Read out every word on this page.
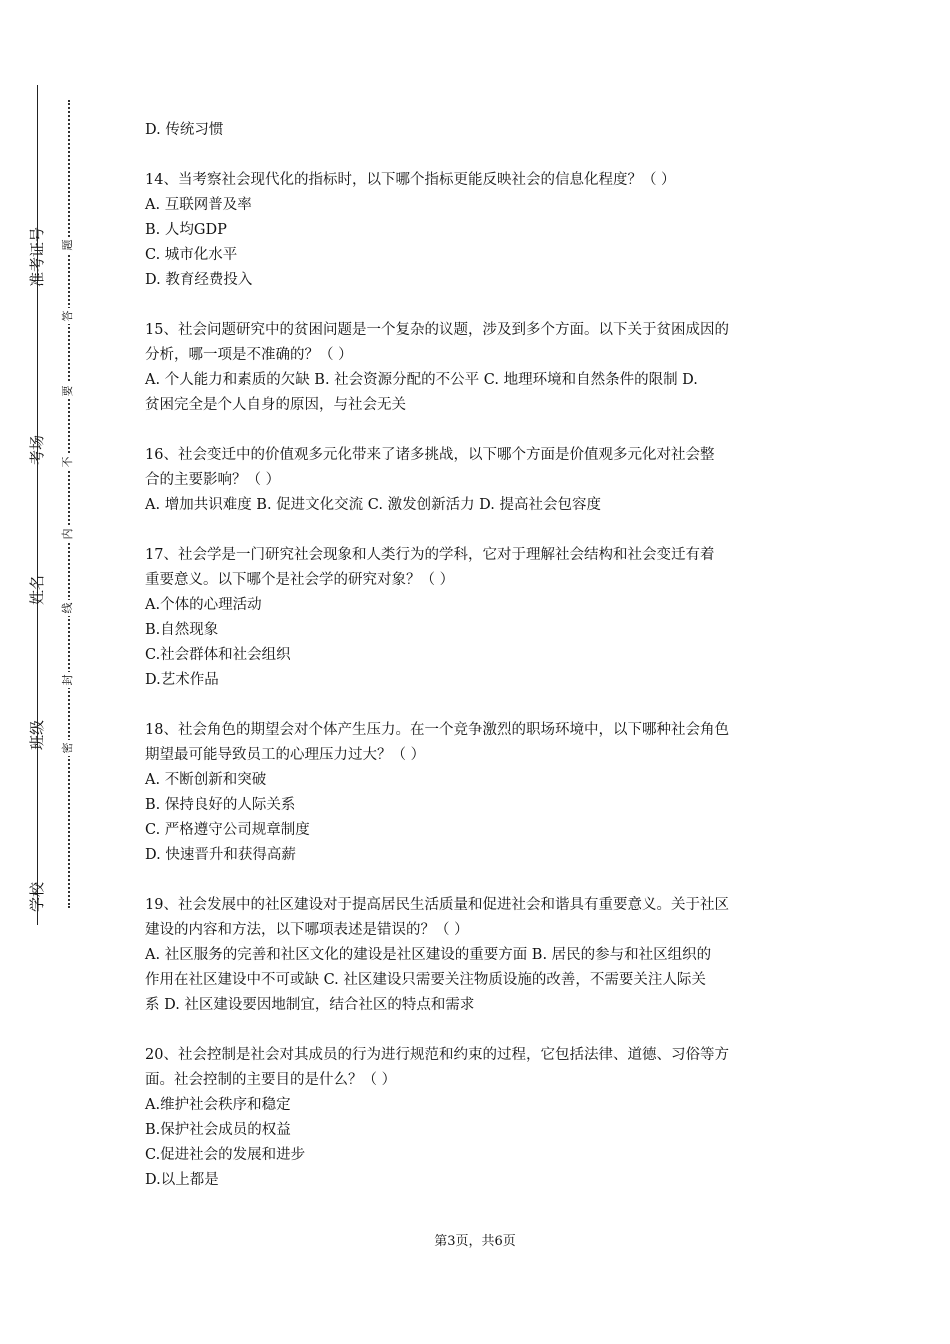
准考证号
考场
姓名
班级
学校
题
答
要
不
内
线
封
密

D. 传统习惯

14、当考察社会现代化的指标时，以下哪个指标更能反映社会的信息化程度？（ ）

A. 互联网普及率

B. 人均GDP

C. 城市化水平

D. 教育经费投入

15、社会问题研究中的贫困问题是一个复杂的议题，涉及到多个方面。以下关于贫困成因的

分析，哪一项是不准确的？（ ）

A. 个人能力和素质的欠缺 B. 社会资源分配的不公平 C. 地理环境和自然条件的限制 D.

贫困完全是个人自身的原因，与社会无关

16、社会变迁中的价值观多元化带来了诸多挑战，以下哪个方面是价值观多元化对社会整

合的主要影响？（ ）

A. 增加共识难度 B. 促进文化交流 C. 激发创新活力 D. 提高社会包容度

17、社会学是一门研究社会现象和人类行为的学科，它对于理解社会结构和社会变迁有着

重要意义。以下哪个是社会学的研究对象？（ ）

A.个体的心理活动

B.自然现象

C.社会群体和社会组织

D.艺术作品

18、社会角色的期望会对个体产生压力。在一个竞争激烈的职场环境中，以下哪种社会角色

期望最可能导致员工的心理压力过大？（ ）

A. 不断创新和突破

B. 保持良好的人际关系

C. 严格遵守公司规章制度

D. 快速晋升和获得高薪

19、社会发展中的社区建设对于提高居民生活质量和促进社会和谐具有重要意义。关于社区

建设的内容和方法，以下哪项表述是错误的？（ ）

A. 社区服务的完善和社区文化的建设是社区建设的重要方面 B. 居民的参与和社区组织的

作用在社区建设中不可或缺 C. 社区建设只需要关注物质设施的改善，不需要关注人际关

系 D. 社区建设要因地制宜，结合社区的特点和需求

20、社会控制是社会对其成员的行为进行规范和约束的过程，它包括法律、道德、习俗等方

面。社会控制的主要目的是什么？（ ）

A.维护社会秩序和稳定

B.保护社会成员的权益

C.促进社会的发展和进步

D.以上都是

第3页，共6页
